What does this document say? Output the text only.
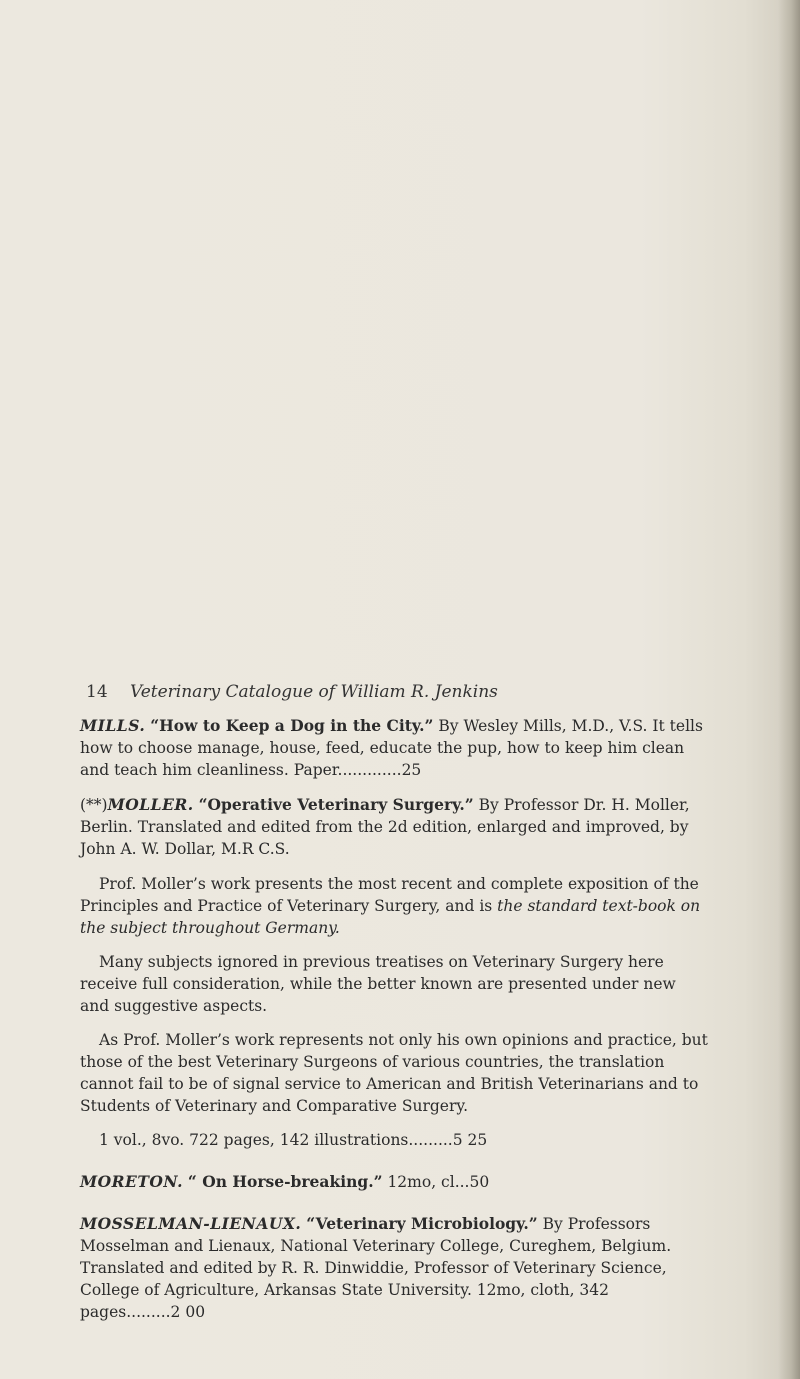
14 Veterinary Catalogue of William R. Jenkins

MILLS. “How to Keep a Dog in the City.” By Wesley Mills, M.D., V.S. It tells how to choose manage, house, feed, educate the pup, how to keep him clean and teach him cleanliness. Paper.............25

(**)MOLLER. “Operative Veterinary Surgery.” By Professor Dr. H. Moller, Berlin. Translated and edited from the 2d edition, enlarged and improved, by John A. W. Dollar, M.R C.S.

Prof. Moller’s work presents the most recent and complete exposition of the Principles and Practice of Veterinary Surgery, and is the standard text-book on the subject throughout Germany.

Many subjects ignored in previous treatises on Veterinary Surgery here receive full consideration, while the better known are presented under new and suggestive aspects.

As Prof. Moller’s work represents not only his own opinions and practice, but those of the best Veterinary Surgeons of various countries, the translation cannot fail to be of signal service to American and British Veterinarians and to Students of Veterinary and Comparative Surgery.

1 vol., 8vo. 722 pages, 142 illustrations.........5 25

MORETON. “ On Horse-breaking.” 12mo, cl...50

MOSSELMAN-LIENAUX. “Veterinary Microbiology.” By Professors Mosselman and Lienaux, National Veterinary College, Cureghem, Belgium. Translated and edited by R. R. Dinwiddie, Professor of Veterinary Science, College of Agriculture, Arkansas State University. 12mo, cloth, 342 pages.........2 00
